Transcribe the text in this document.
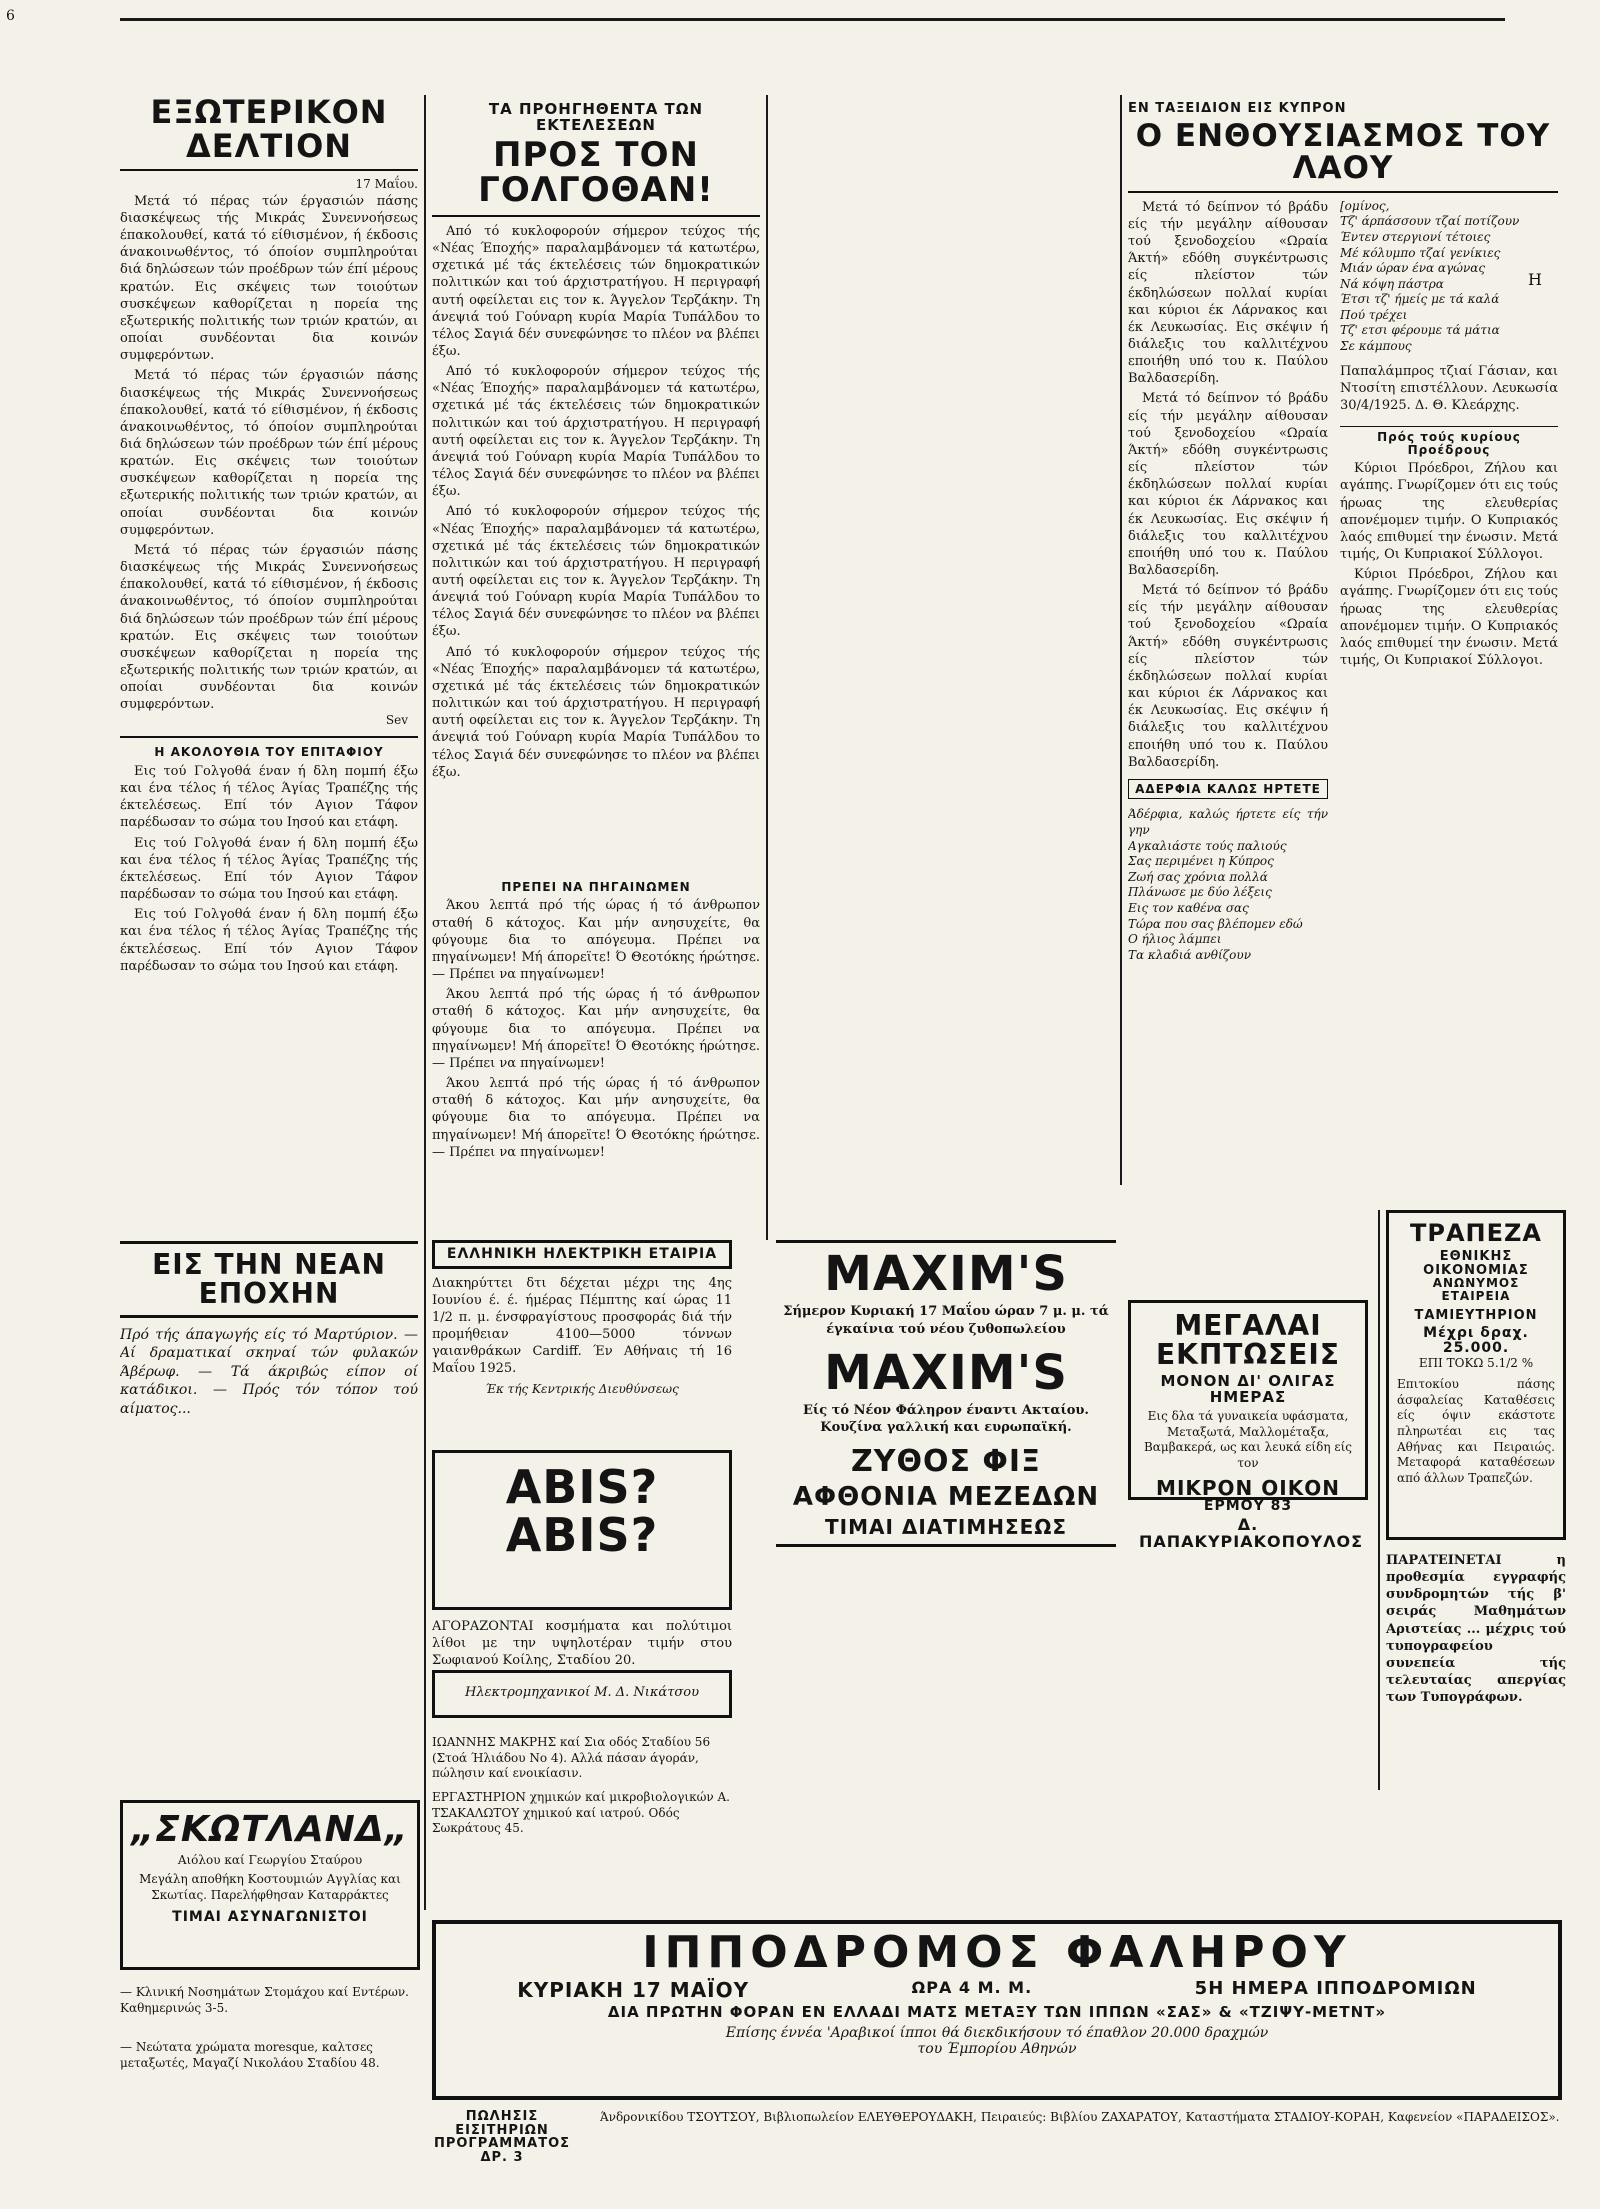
6
Η
ΕΞΩΤΕΡΙΚΟΝ ΔΕΛΤΙΟΝ
17 Μαΐου.

Μετά τό πέρας τών έργασιών πάσης διασκέψεως τής Μικράς Συνεννοήσεως έπακολουθεί, κατά τό είθισμένον, ή έκδοσις άνακοινωθέντος, τό όποίον συμπληρούται διά δηλώσεων τών προέδρων τών έπί μέρους κρατών. Εις σκέψεις των τοιούτων συσκέψεων καθορίζεται η πορεία της εξωτερικής πολιτικής των τριών κρατών, αι οποίαι συνδέονται δια κοινών συμφερόντων.

Μετά τό πέρας τών έργασιών πάσης διασκέψεως τής Μικράς Συνεννοήσεως έπακολουθεί, κατά τό είθισμένον, ή έκδοσις άνακοινωθέντος, τό όποίον συμπληρούται διά δηλώσεων τών προέδρων τών έπί μέρους κρατών. Εις σκέψεις των τοιούτων συσκέψεων καθορίζεται η πορεία της εξωτερικής πολιτικής των τριών κρατών, αι οποίαι συνδέονται δια κοινών συμφερόντων.

Μετά τό πέρας τών έργασιών πάσης διασκέψεως τής Μικράς Συνεννοήσεως έπακολουθεί, κατά τό είθισμένον, ή έκδοσις άνακοινωθέντος, τό όποίον συμπληρούται διά δηλώσεων τών προέδρων τών έπί μέρους κρατών. Εις σκέψεις των τοιούτων συσκέψεων καθορίζεται η πορεία της εξωτερικής πολιτικής των τριών κρατών, αι οποίαι συνδέονται δια κοινών συμφερόντων.

Sev
Η ΑΚΟΛΟΥΘΙΑ ΤΟΥ ΕΠΙΤΑΦΙΟΥ

Εις τού Γολγοθά έναν ή δλη πομπή έξω και ένα τέλος ή τέλος Άγίας Τραπέζης τής έκτελέσεως. Επί τόν Αγιον Τάφον παρέδωσαν το σώμα του Ιησού και ετάφη.

Εις τού Γολγοθά έναν ή δλη πομπή έξω και ένα τέλος ή τέλος Άγίας Τραπέζης τής έκτελέσεως. Επί τόν Αγιον Τάφον παρέδωσαν το σώμα του Ιησού και ετάφη.

Εις τού Γολγοθά έναν ή δλη πομπή έξω και ένα τέλος ή τέλος Άγίας Τραπέζης τής έκτελέσεως. Επί τόν Αγιον Τάφον παρέδωσαν το σώμα του Ιησού και ετάφη.

ΕΙΣ ΤΗΝ ΝΕΑΝ ΕΠΟΧΗΝ
Πρό τής άπαγωγής είς τό Μαρτύριον. — Αί δραματικαί σκηναί τών φυλακών Άβέρωφ. — Τά άκριβώς είπον οί κατάδικοι. — Πρός τόν τόπον τού αίματος...
ΤΑ ΠΡΟΗΓΗΘΕΝΤΑ ΤΩΝ ΕΚΤΕΛΕΣΕΩΝ
ΠΡΟΣ ΤΟΝ ΓΟΛΓΟΘΑΝ!

Από τό κυκλοφορούν σήμερον τεύχος τής «Νέας Έποχής» παραλαμβάνομεν τά κατωτέρω, σχετικά μέ τάς έκτελέσεις τών δημοκρατικών πολιτικών και τού άρχιστρατήγου. Η περιγραφή αυτή οφείλεται εις τον κ. Άγγελον Τερζάκην. Τη άνεψιά τού Γούναρη κυρία Μαρία Τυπάλδου το τέλος Σαγιά δέν συνεφώνησε το πλέον να βλέπει έξω.

Από τό κυκλοφορούν σήμερον τεύχος τής «Νέας Έποχής» παραλαμβάνομεν τά κατωτέρω, σχετικά μέ τάς έκτελέσεις τών δημοκρατικών πολιτικών και τού άρχιστρατήγου. Η περιγραφή αυτή οφείλεται εις τον κ. Άγγελον Τερζάκην. Τη άνεψιά τού Γούναρη κυρία Μαρία Τυπάλδου το τέλος Σαγιά δέν συνεφώνησε το πλέον να βλέπει έξω.

Από τό κυκλοφορούν σήμερον τεύχος τής «Νέας Έποχής» παραλαμβάνομεν τά κατωτέρω, σχετικά μέ τάς έκτελέσεις τών δημοκρατικών πολιτικών και τού άρχιστρατήγου. Η περιγραφή αυτή οφείλεται εις τον κ. Άγγελον Τερζάκην. Τη άνεψιά τού Γούναρη κυρία Μαρία Τυπάλδου το τέλος Σαγιά δέν συνεφώνησε το πλέον να βλέπει έξω.

Από τό κυκλοφορούν σήμερον τεύχος τής «Νέας Έποχής» παραλαμβάνομεν τά κατωτέρω, σχετικά μέ τάς έκτελέσεις τών δημοκρατικών πολιτικών και τού άρχιστρατήγου. Η περιγραφή αυτή οφείλεται εις τον κ. Άγγελον Τερζάκην. Τη άνεψιά τού Γούναρη κυρία Μαρία Τυπάλδου το τέλος Σαγιά δέν συνεφώνησε το πλέον να βλέπει έξω.

ΠΡΕΠΕΙ ΝΑ ΠΗΓΑΙΝΩΜΕΝ

Άκου λεπτά πρό τής ώρας ή τό άνθρωπον σταθή δ κάτοχος. Και μήν ανησυχείτε, θα φύγουμε δια το απόγευμα. Πρέπει να πηγαίνωμεν! Μή άπορεϊτε! Ό Θεοτόκης ήρώτησε. — Πρέπει να πηγαίνωμεν!

Άκου λεπτά πρό τής ώρας ή τό άνθρωπον σταθή δ κάτοχος. Και μήν ανησυχείτε, θα φύγουμε δια το απόγευμα. Πρέπει να πηγαίνωμεν! Μή άπορεϊτε! Ό Θεοτόκης ήρώτησε. — Πρέπει να πηγαίνωμεν!

Άκου λεπτά πρό τής ώρας ή τό άνθρωπον σταθή δ κάτοχος. Και μήν ανησυχείτε, θα φύγουμε δια το απόγευμα. Πρέπει να πηγαίνωμεν! Μή άπορεϊτε! Ό Θεοτόκης ήρώτησε. — Πρέπει να πηγαίνωμεν!

ΕΝ ΤΑΞΕΙΔΙΟΝ ΕΙΣ ΚΥΠΡΟΝ
Ο ΕΝΘΟΥΣΙΑΣΜΟΣ ΤΟΥ ΛΑΟΥ

Μετά τό δείπνον τό βράδυ είς τήν μεγάλην αίθουσαν τού ξενοδοχείου «Ωραία Άκτή» εδόθη συγκέντρωσις είς πλείστον τών έκδηλώσεων πολλαί κυρίαι και κύριοι έκ Λάρνακος και έκ Λευκωσίας. Εις σκέψιν ή διάλεξις του καλλιτέχνου εποιήθη υπό του κ. Παύλου Βαλδασερίδη.

Μετά τό δείπνον τό βράδυ είς τήν μεγάλην αίθουσαν τού ξενοδοχείου «Ωραία Άκτή» εδόθη συγκέντρωσις είς πλείστον τών έκδηλώσεων πολλαί κυρίαι και κύριοι έκ Λάρνακος και έκ Λευκωσίας. Εις σκέψιν ή διάλεξις του καλλιτέχνου εποιήθη υπό του κ. Παύλου Βαλδασερίδη.

Μετά τό δείπνον τό βράδυ είς τήν μεγάλην αίθουσαν τού ξενοδοχείου «Ωραία Άκτή» εδόθη συγκέντρωσις είς πλείστον τών έκδηλώσεων πολλαί κυρίαι και κύριοι έκ Λάρνακος και έκ Λευκωσίας. Εις σκέψιν ή διάλεξις του καλλιτέχνου εποιήθη υπό του κ. Παύλου Βαλδασερίδη.

ΑΔΕΡΦΙΑ ΚΑΛΩΣ ΗΡΤΕΤΕ
Άδέρφια, καλώς ήρτετε είς τήν γην
Αγκαλιάστε τούς παλιούς
Σας περιμένει η Κύπρος
Ζωή σας χρόνια πολλά
Πλάνωσε με δύο λέξεις
Εις τον καθένα σας
Τώρα που σας βλέπομεν εδώ
Ο ήλιος λάμπει
Τα κλαδιά ανθίζουν
[ομίνος,
Τζ' άρπάσσουν τζαί ποτίζουν
Έντεν στεργιονί τέτοιες
Μέ κόλυμπο τζαί γενίκιες
Μιάν ώραν ένα αγώνας
Νά κόψη πάστρα
Έτσι τζ' ήμείς με τά καλά
Πού τρέχει
Τζ' ετσι φέρουμε τά μάτια
Σε κάμπους
Παπαλάμπρος τζιαί Γάσιαν, και Ντοσίτη επιστέλλουν. Λευκωσία 30/4/1925. Δ. Θ. Κλεάρχης.
Πρός τούς κυρίους Προέδρους

Κύριοι Πρόεδροι, Ζήλου και αγάπης. Γνωρίζομεν ότι εις τούς ήρωας της ελευθερίας απονέμομεν τιμήν. Ο Κυπριακός λαός επιθυμεί την ένωσιν. Μετά τιμής, Οι Κυπριακοί Σύλλογοι.

Κύριοι Πρόεδροι, Ζήλου και αγάπης. Γνωρίζομεν ότι εις τούς ήρωας της ελευθερίας απονέμομεν τιμήν. Ο Κυπριακός λαός επιθυμεί την ένωσιν. Μετά τιμής, Οι Κυπριακοί Σύλλογοι.

ΕΛΛΗΝΙΚΗ ΗΛΕΚΤΡΙΚΗ ΕΤΑΙΡΙΑ
Διακηρύττει δτι δέχεται μέχρι της 4ης Ιουνίου έ. έ. ήμέρας Πέμπτης καί ώρας 11 1/2 π. μ. ένσφραγίστους προσφοράς διά τήν προμήθειαν 4100—5000 τόννων γαιανθράκων Cardiff. Έν Αθήναις τή 16 Μαΐου 1925.
Έκ τής Κεντρικής Διευθύνσεως
ABIS?
ABIS?
ΑΓΟΡΑΖΟΝΤΑΙ κοσμήματα και πολύτιμοι λίθοι με την υψηλοτέραν τιμήν στου Σωφιανού Κοίλης, Σταδίου 20.
Ηλεκτρομηχανικοί Μ. Δ. Νικάτσου
MAXIM'S
Σήμερον Κυριακή 17 Μαΐου ώραν 7 μ. μ. τά έγκαίνια τού νέου ζυθοπωλείου
MAXIM'S
Είς τό Νέον Φάληρον έναντι Ακταίου. Κουζίνα γαλλική και ευρωπαϊκή.
ΖΥΘΟΣ ΦΙΞ
ΑΦΘΟΝΙΑ ΜΕΖΕΔΩΝ
ΤΙΜΑΙ ΔΙΑΤΙΜΗΣΕΩΣ
ΜΕΓΑΛΑΙ ΕΚΠΤΩΣΕΙΣ
ΜΟΝΟΝ ΔΙ' ΟΛΙΓΑΣ ΗΜΕΡΑΣ
Εις δλα τά γυναικεία υφάσματα, Μεταξωτά, Μαλλομέταξα, Βαμβακερά, ως και λευκά είδη είς τον
ΜΙΚΡΟΝ ΟΙΚΟΝ
ΕΡΜΟΥ 83
Δ. ΠΑΠΑΚΥΡΙΑΚΟΠΟΥΛΟΣ
ΤΡΑΠΕΖΑ
ΕΘΝΙΚΗΣ ΟΙΚΟΝΟΜΙΑΣ
ΑΝΩΝΥΜΟΣ ΕΤΑΙΡΕΙΑ
ΤΑΜΙΕΥΤΗΡΙΟΝ
Μέχρι δραχ. 25.000.
ΕΠΙ ΤΟΚΩ 5.1/2 %
Επιτοκίου πάσης άσφαλείας Καταθέσεις είς όψιν εκάστοτε πληρωτέαι εις τας Αθήνας και Πειραιώς. Μεταφορά καταθέσεων από άλλων Τραπεζών.
ΠΑΡΑΤΕΙΝΕΤΑΙ η προθεσμία εγγραφής συνδρομητών τής β' σειράς Μαθημάτων Αριστείας ... μέχρις τού τυπογραφείου συνεπεία τής τελευταίας απεργίας των Τυπογράφων.
„ΣΚΩΤΛΑΝΔ„
Αιόλου καί Γεωργίου Σταύρου
Μεγάλη αποθήκη Κοστουμιών Αγγλίας και Σκωτίας. Παρελήφθησαν Καταρράκτες
ΤΙΜΑΙ ΑΣΥΝΑΓΩΝΙΣΤΟΙ
ΙΠΠΟΔΡΟΜΟΣ ΦΑΛΗΡΟΥ
ΚΥΡΙΑΚΗ 17 ΜΑΪΟΥ	ΩΡΑ 4 Μ. Μ.	5Η ΗΜΕΡΑ ΙΠΠΟΔΡΟΜΙΩΝ
ΔΙΑ ΠΡΩΤΗΝ ΦΟΡΑΝ ΕΝ ΕΛΛΑΔΙ ΜΑΤΣ ΜΕΤΑΞΥ ΤΩΝ ΙΠΠΩΝ «ΣΑΣ» & «ΤΖΙΨΥ-ΜΕΤΝΤ»
Επίσης έννέα 'Αραβικοί ίπποι θά διεκδικήσουν τό έπαθλον 20.000 δραχμών
του Έμπορίου Αθηνών
ΠΩΛΗΣΙΣ ΕΙΣΙΤΗΡΙΩΝ
ΠΡΟΓΡΑΜΜΑΤΟΣ ΔΡ. 3
Άνδρονικίδου ΤΣΟΥΤΣΟΥ, Βιβλιοπωλείον ΕΛΕΥΘΕΡΟΥΔΑΚΗ, Πειραιεύς: Βιβλίου ΖΑΧΑΡΑΤΟΥ, Καταστήματα ΣΤΑΔΙΟΥ-ΚΟΡΑΗ, Καφενείον «ΠΑΡΑΔΕΙΣΟΣ».
— Κλινική Νοσημάτων Στομάχου καί Εντέρων. Καθημερινώς 3-5.
— Νεώτατα χρώματα moresque, καλτσες μεταξωτές, Μαγαζί Νικολάου Σταδίου 48.
ΙΩΑΝΝΗΣ ΜΑΚΡΗΣ καί Σια οδός Σταδίου 56 (Στοά Ήλιάδου Νο 4). Αλλά πάσαν άγοράν, πώλησιν καί ενοικίασιν.
ΕΡΓΑΣΤΗΡΙΟΝ χημικών καί μικροβιολογικών Α. ΤΣΑΚΑΛΩΤΟΥ χημικού καί ιατρού. Οδός Σωκράτους 45.
